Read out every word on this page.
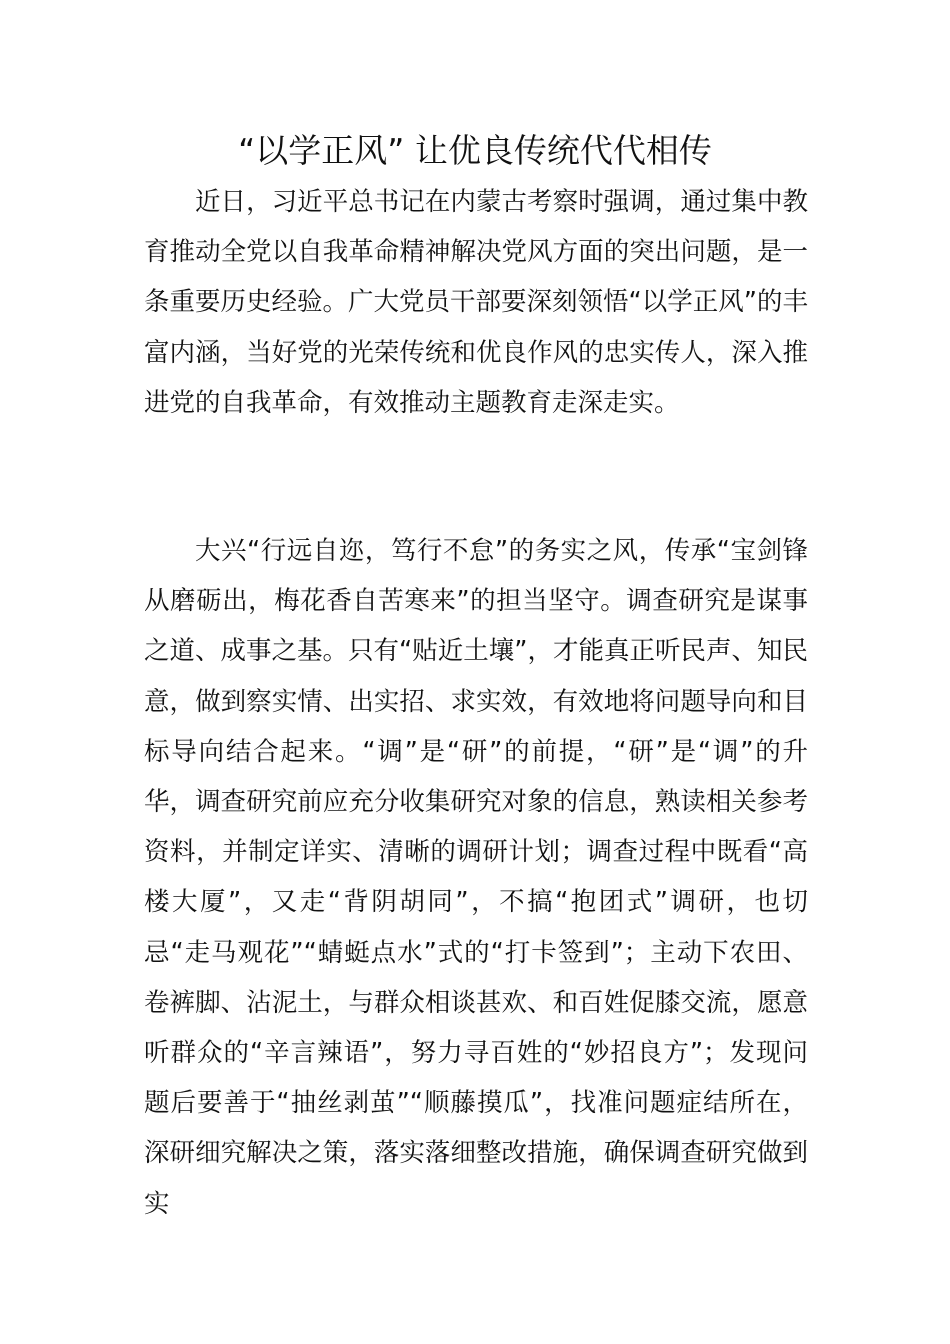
“以学正风” 让优良传统代代相传

近日，习近平总书记在内蒙古考察时强调，通过集中教育推动全党以自我革命精神解决党风方面的突出问题，是一条重要历史经验。广大党员干部要深刻领悟“以学正风”的丰富内涵，当好党的光荣传统和优良作风的忠实传人，深入推进党的自我革命，有效推动主题教育走深走实。

大兴“行远自迩，笃行不怠”的务实之风，传承“宝剑锋从磨砺出，梅花香自苦寒来”的担当坚守。调查研究是谋事之道、成事之基。只有“贴近土壤”，才能真正听民声、知民意，做到察实情、出实招、求实效，有效地将问题导向和目标导向结合起来。“调”是“研”的前提，“研”是“调”的升华，调查研究前应充分收集研究对象的信息，熟读相关参考资料，并制定详实、清晰的调研计划；调查过程中既看“高楼大厦”，又走“背阴胡同”，不搞“抱团式”调研，也切忌“走马观花”“蜻蜓点水”式的“打卡签到”；主动下农田、卷裤脚、沾泥土，与群众相谈甚欢、和百姓促膝交流，愿意听群众的“辛言辣语”，努力寻百姓的“妙招良方”；发现问题后要善于“抽丝剥茧”“顺藤摸瓜”，找准问题症结所在，深研细究解决之策，落实落细整改措施，确保调查研究做到实
